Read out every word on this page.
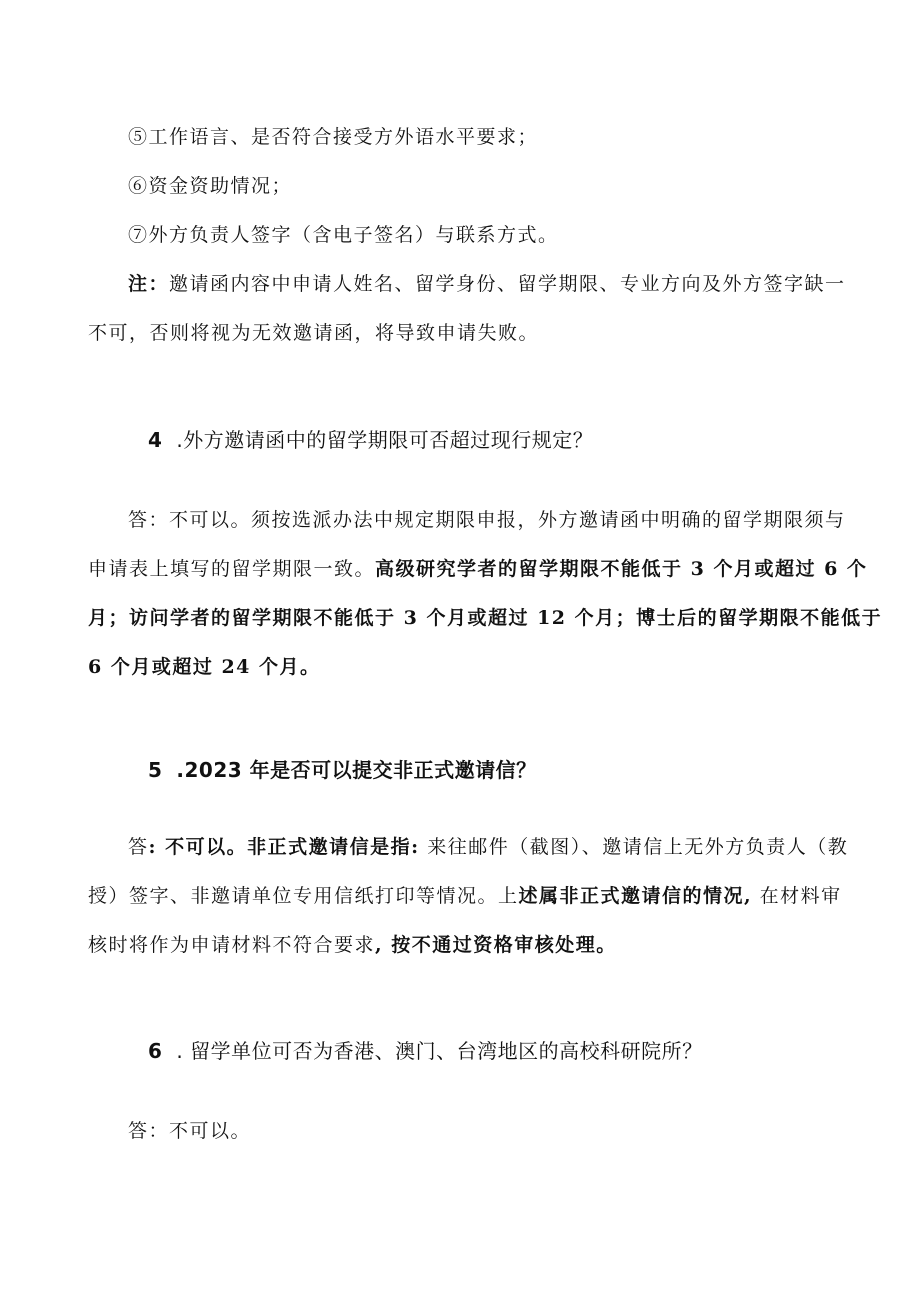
⑤工作语言、是否符合接受方外语水平要求；
⑥资金资助情况；
⑦外方负责人签字（含电子签名）与联系方式。
注：邀请函内容中申请人姓名、留学身份、留学期限、专业方向及外方签字缺一
不可，否则将视为无效邀请函，将导致申请失败。
4 .外方邀请函中的留学期限可否超过现行规定？
答：不可以。须按选派办法中规定期限申报，外方邀请函中明确的留学期限须与
申请表上填写的留学期限一致。高级研究学者的留学期限不能低于 3 个月或超过 6 个
月；访问学者的留学期限不能低于 3 个月或超过 12 个月；博士后的留学期限不能低于
6 个月或超过 24 个月。
5 .2023 年是否可以提交非正式邀请信？
答: 不可以。非正式邀请信是指: 来往邮件（截图）、邀请信上无外方负责人（教
授）签字、非邀请单位专用信纸打印等情况。上述属非正式邀请信的情况, 在材料审
核时将作为申请材料不符合要求, 按不通过资格审核处理。
6 . 留学单位可否为香港、澳门、台湾地区的高校科研院所？
答：不可以。
